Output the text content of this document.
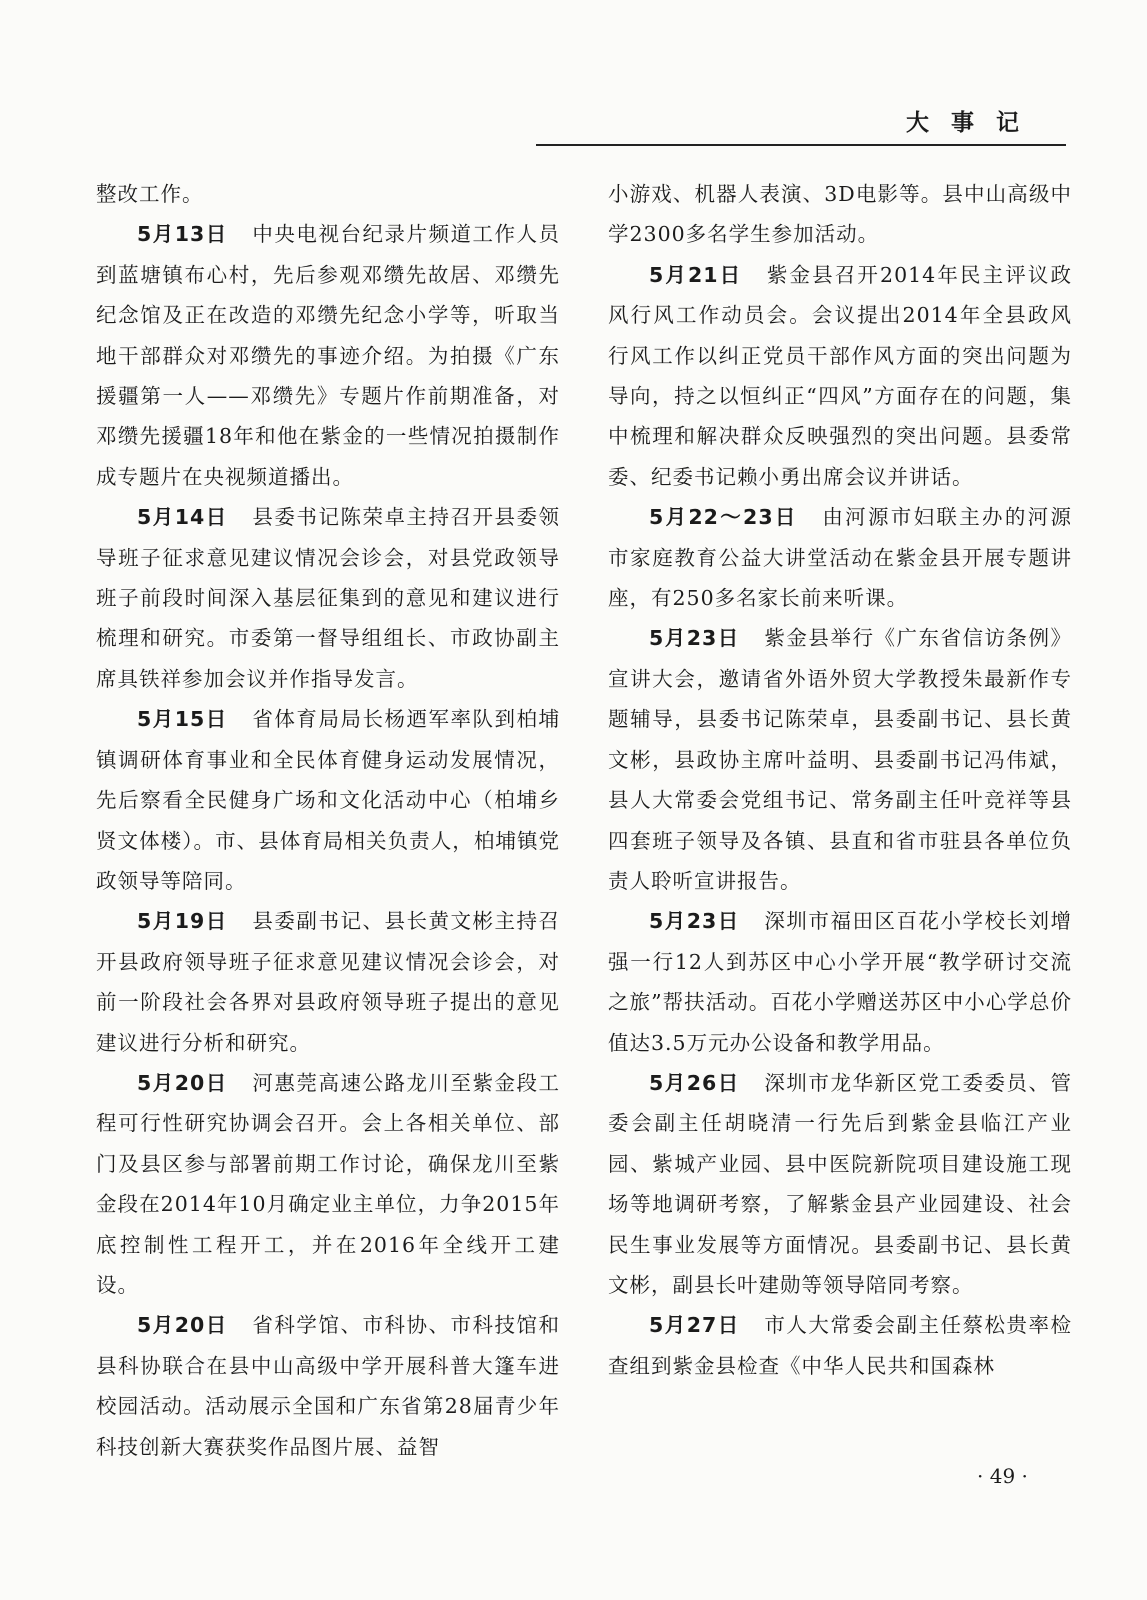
大事记

整改工作。

5月13日 中央电视台纪录片频道工作人员到蓝塘镇布心村，先后参观邓缵先故居、邓缵先纪念馆及正在改造的邓缵先纪念小学等，听取当地干部群众对邓缵先的事迹介绍。为拍摄《广东援疆第一人——邓缵先》专题片作前期准备，对邓缵先援疆18年和他在紫金的一些情况拍摄制作成专题片在央视频道播出。

5月14日 县委书记陈荣卓主持召开县委领导班子征求意见建议情况会诊会，对县党政领导班子前段时间深入基层征集到的意见和建议进行梳理和研究。市委第一督导组组长、市政协副主席具铁祥参加会议并作指导发言。

5月15日 省体育局局长杨迺军率队到柏埔镇调研体育事业和全民体育健身运动发展情况，先后察看全民健身广场和文化活动中心（柏埔乡贤文体楼）。市、县体育局相关负责人，柏埔镇党政领导等陪同。

5月19日 县委副书记、县长黄文彬主持召开县政府领导班子征求意见建议情况会诊会，对前一阶段社会各界对县政府领导班子提出的意见建议进行分析和研究。

5月20日 河惠莞高速公路龙川至紫金段工程可行性研究协调会召开。会上各相关单位、部门及县区参与部署前期工作讨论，确保龙川至紫金段在2014年10月确定业主单位，力争2015年底控制性工程开工，并在2016年全线开工建设。

5月20日 省科学馆、市科协、市科技馆和县科协联合在县中山高级中学开展科普大篷车进校园活动。活动展示全国和广东省第28届青少年科技创新大赛获奖作品图片展、益智

小游戏、机器人表演、3D电影等。县中山高级中学2300多名学生参加活动。

5月21日 紫金县召开2014年民主评议政风行风工作动员会。会议提出2014年全县政风行风工作以纠正党员干部作风方面的突出问题为导向，持之以恒纠正“四风”方面存在的问题，集中梳理和解决群众反映强烈的突出问题。县委常委、纪委书记赖小勇出席会议并讲话。

5月22～23日 由河源市妇联主办的河源市家庭教育公益大讲堂活动在紫金县开展专题讲座，有250多名家长前来听课。

5月23日 紫金县举行《广东省信访条例》宣讲大会，邀请省外语外贸大学教授朱最新作专题辅导，县委书记陈荣卓，县委副书记、县长黄文彬，县政协主席叶益明、县委副书记冯伟斌，县人大常委会党组书记、常务副主任叶竞祥等县四套班子领导及各镇、县直和省市驻县各单位负责人聆听宣讲报告。

5月23日 深圳市福田区百花小学校长刘增强一行12人到苏区中心小学开展“教学研讨交流之旅”帮扶活动。百花小学赠送苏区中小心学总价值达3.5万元办公设备和教学用品。

5月26日 深圳市龙华新区党工委委员、管委会副主任胡晓清一行先后到紫金县临江产业园、紫城产业园、县中医院新院项目建设施工现场等地调研考察，了解紫金县产业园建设、社会民生事业发展等方面情况。县委副书记、县长黄文彬，副县长叶建勋等领导陪同考察。

5月27日 市人大常委会副主任蔡松贵率检查组到紫金县检查《中华人民共和国森林

· 49 ·
